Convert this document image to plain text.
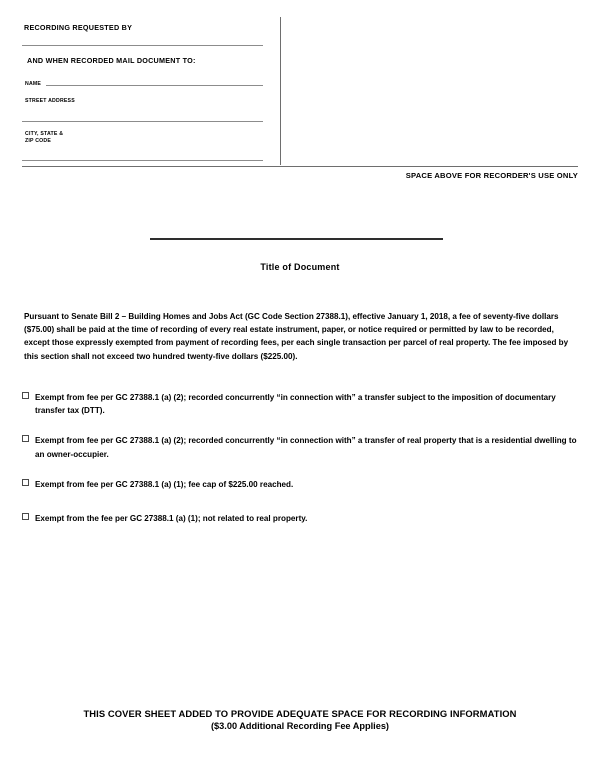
RECORDING REQUESTED BY
AND WHEN RECORDED MAIL DOCUMENT TO:
NAME
STREET ADDRESS
CITY, STATE &
ZIP CODE
SPACE ABOVE FOR RECORDER'S USE ONLY
Title of Document
Pursuant to Senate Bill 2 – Building Homes and Jobs Act (GC Code Section 27388.1), effective January 1, 2018, a fee of seventy-five dollars ($75.00) shall be paid at the time of recording of every real estate instrument, paper, or notice required or permitted by law to be recorded, except those expressly exempted from payment of recording fees, per each single transaction per parcel of real property. The fee imposed by this section shall not exceed two hundred twenty-five dollars ($225.00).
Exempt from fee per GC 27388.1 (a) (2); recorded concurrently “in connection with” a transfer subject to the imposition of documentary transfer tax (DTT).
Exempt from fee per GC 27388.1 (a) (2); recorded concurrently “in connection with” a transfer of real property that is a residential dwelling to an owner-occupier.
Exempt from fee per GC 27388.1 (a) (1); fee cap of $225.00 reached.
Exempt from the fee per GC 27388.1 (a) (1); not related to real property.
THIS COVER SHEET ADDED TO PROVIDE ADEQUATE SPACE FOR RECORDING INFORMATION
($3.00 Additional Recording Fee Applies)
